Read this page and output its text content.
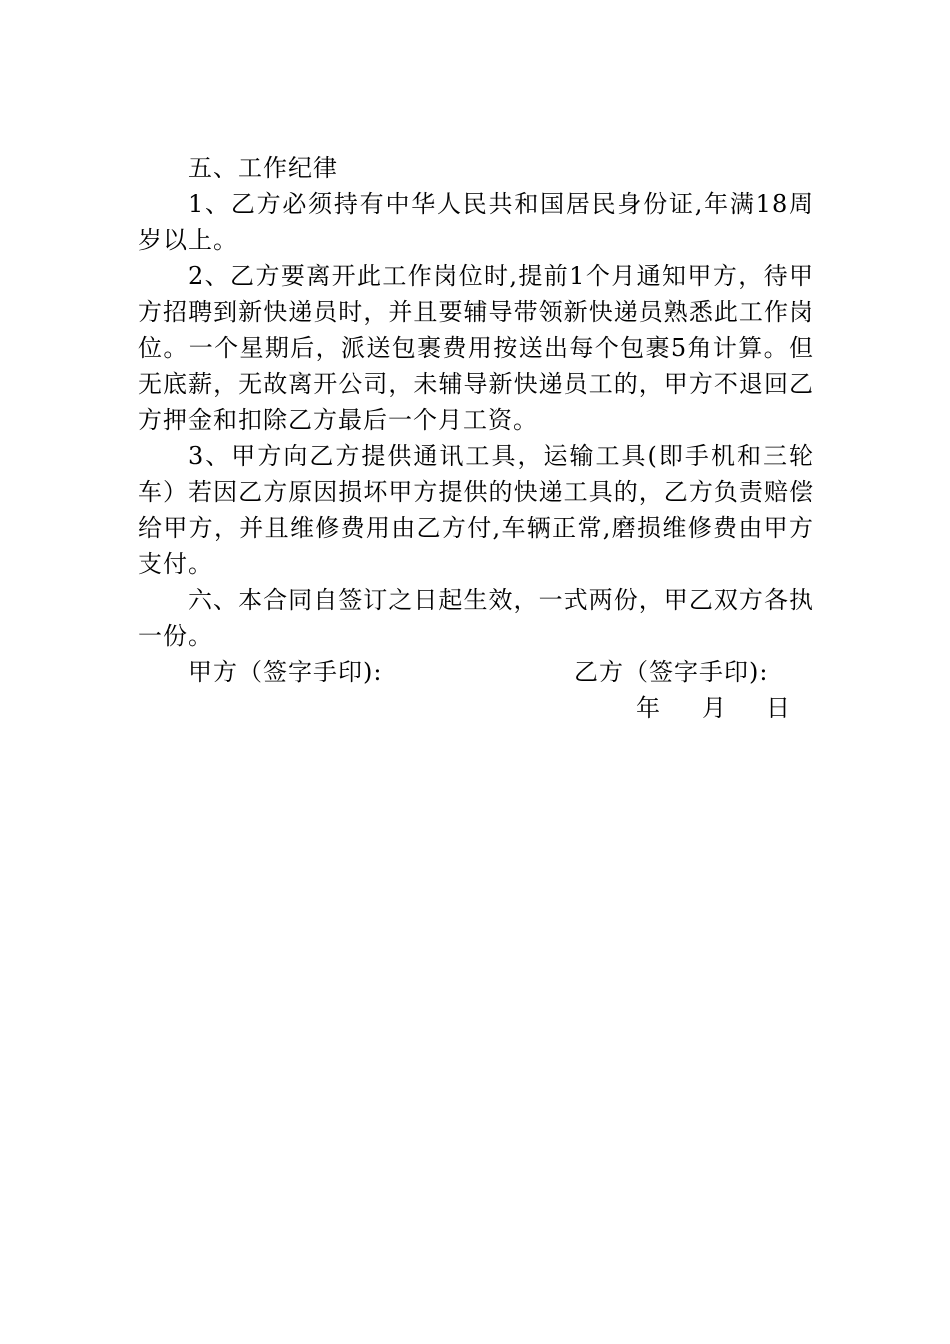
五、工作纪律

1、乙方必须持有中华人民共和国居民身份证,年满18周岁以上。

2、乙方要离开此工作岗位时,提前1个月通知甲方，待甲方招聘到新快递员时，并且要辅导带领新快递员熟悉此工作岗位。一个星期后，派送包裹费用按送出每个包裹5角计算。但无底薪，无故离开公司，未辅导新快递员工的，甲方不退回乙方押金和扣除乙方最后一个月工资。

3、甲方向乙方提供通讯工具，运输工具(即手机和三轮车）若因乙方原因损坏甲方提供的快递工具的，乙方负责赔偿给甲方，并且维修费用由乙方付,车辆正常,磨损维修费由甲方支付。

六、本合同自签订之日起生效，一式两份，甲乙双方各执一份。

甲方（签字手印):	乙方（签字手印):
年 月 日
